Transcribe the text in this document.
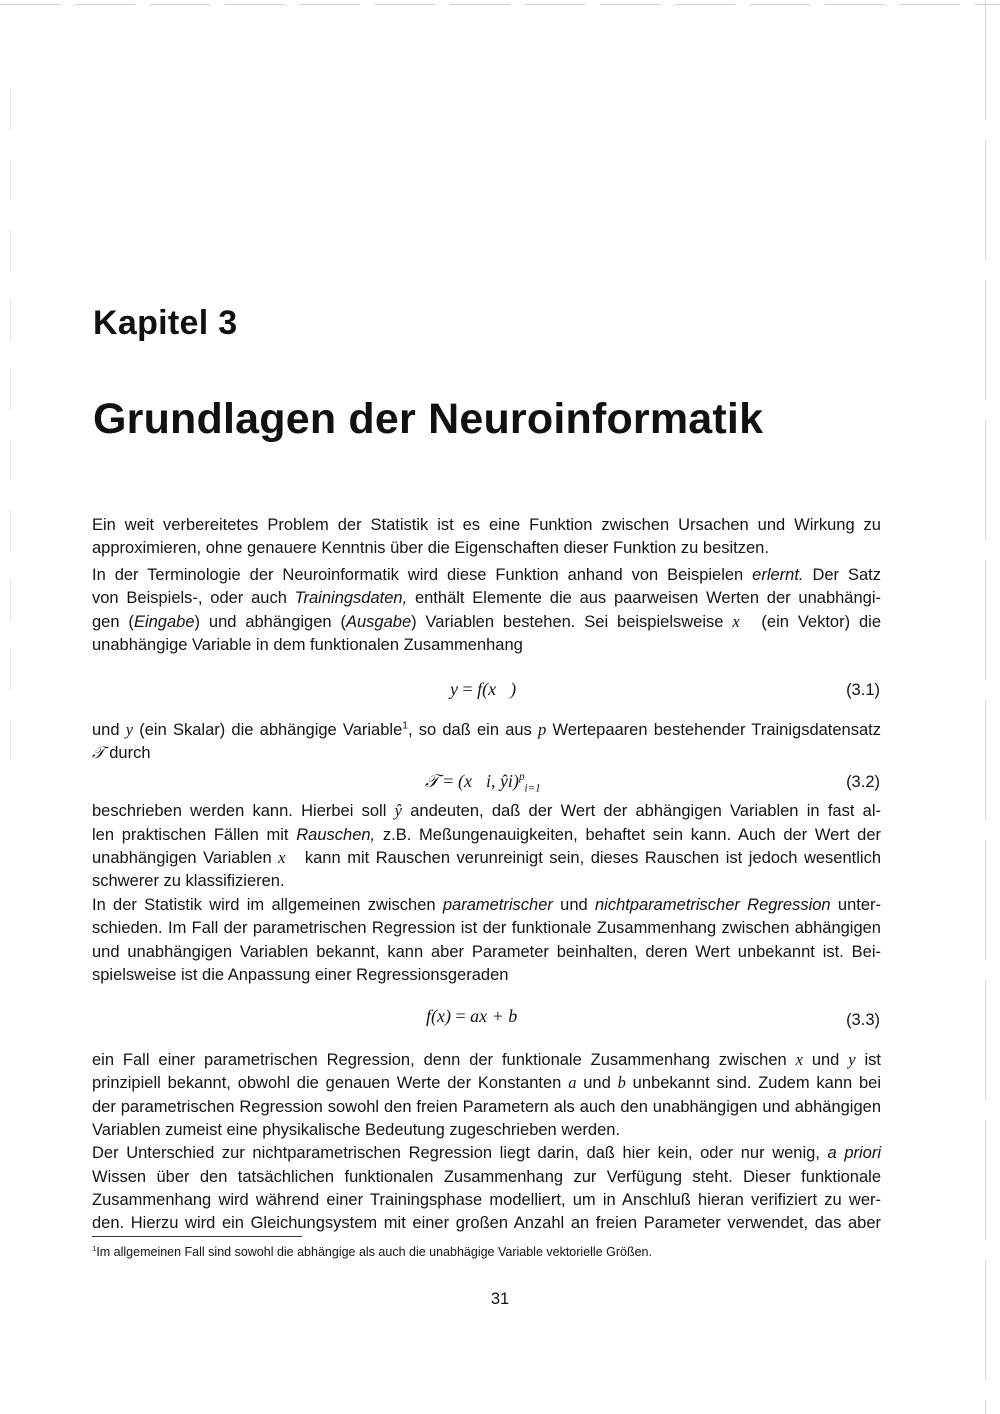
Kapitel 3
Grundlagen der Neuroinformatik
Ein weit verbereitetes Problem der Statistik ist es eine Funktion zwischen Ursachen und Wirkung zu
approximieren, ohne genauere Kenntnis über die Eigenschaften dieser Funktion zu besitzen.
In der Terminologie der Neuroinformatik wird diese Funktion anhand von Beispielen erlernt. Der Satz
von Beispiels-, oder auch Trainingsdaten, enthält Elemente die aus paarweisen Werten der unabhängi-
gen (Eingabe) und abhängigen (Ausgabe) Variablen bestehen. Sei beispielsweise x⃗ (ein Vektor) die
unabhängige Variable in dem funktionalen Zusammenhang
y = f(x⃗)	(3.1)
und y (ein Skalar) die abhängige Variable$^1$, so daß ein aus p Wertepaaren bestehender Trainigsdatensatz
𝒯 durch
𝒯 = (x⃗i, ŷi)$^p_{i=1}$	(3.2)
beschrieben werden kann. Hierbei soll ŷ andeuten, daß der Wert der abhängigen Variablen in fast al-
len praktischen Fällen mit Rauschen, z.B. Meßungenauigkeiten, behaftet sein kann. Auch der Wert der
unabhängigen Variablen x⃗ kann mit Rauschen verunreinigt sein, dieses Rauschen ist jedoch wesentlich
schwerer zu klassifizieren.
In der Statistik wird im allgemeinen zwischen parametrischer und nichtparametrischer Regression unter-
schieden. Im Fall der parametrischen Regression ist der funktionale Zusammenhang zwischen abhängigen
und unabhängigen Variablen bekannt, kann aber Parameter beinhalten, deren Wert unbekannt ist. Bei-
spielsweise ist die Anpassung einer Regressionsgeraden
f(x) = ax + b	(3.3)
ein Fall einer parametrischen Regression, denn der funktionale Zusammenhang zwischen x und y ist
prinzipiell bekannt, obwohl die genauen Werte der Konstanten a und b unbekannt sind. Zudem kann bei
der parametrischen Regression sowohl den freien Parametern als auch den unabhängigen und abhängigen
Variablen zumeist eine physikalische Bedeutung zugeschrieben werden.
Der Unterschied zur nichtparametrischen Regression liegt darin, daß hier kein, oder nur wenig, a priori
Wissen über den tatsächlichen funktionalen Zusammenhang zur Verfügung steht. Dieser funktionale
Zusammenhang wird während einer Trainingsphase modelliert, um in Anschluß hieran verifiziert zu wer-
den. Hierzu wird ein Gleichungsystem mit einer großen Anzahl an freien Parameter verwendet, das aber
$^1$Im allgemeinen Fall sind sowohl die abhängige als auch die unabhägige Variable vektorielle Größen.
31
